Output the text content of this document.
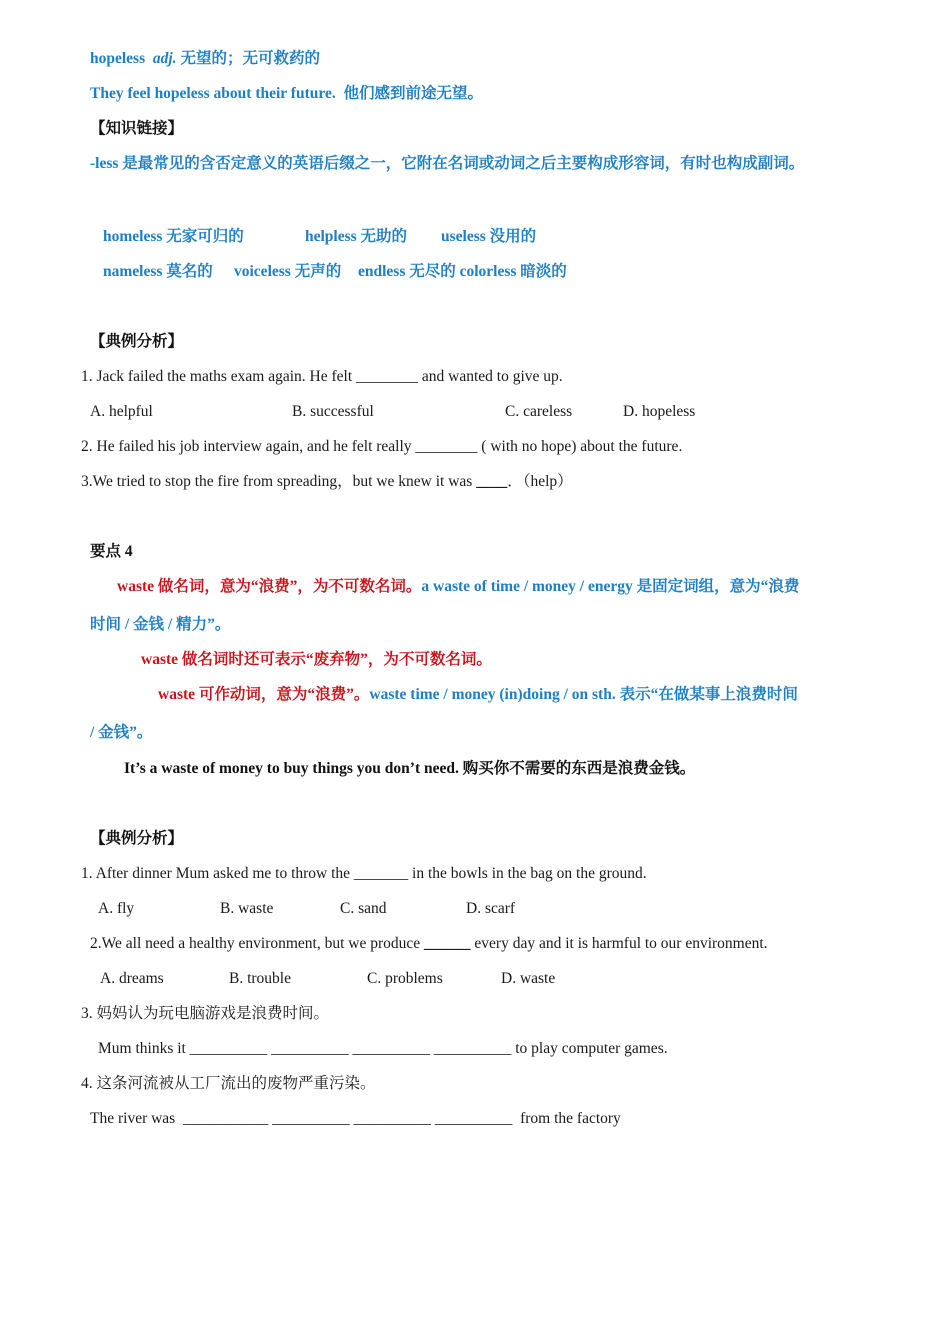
hopeless adj. 无望的；无可救药的
They feel hopeless about their future. 他们感到前途无望。
【知识链接】
-less 是最常见的含否定意义的英语后缀之一，它附在名词或动词之后主要构成形容词，有时也构成副词。
homeless 无家可归的	helpless 无助的 useless 没用的
nameless 莫名的 voiceless 无声的 endless 无尽的 colorless 暗淡的
【典例分析】
1. Jack failed the maths exam again. He felt ________ and wanted to give up.
A. helpful	B. successful	C. careless	D. hopeless
2. He failed his job interview again, and he felt really ________ ( with no hope) about the future.
3.We tried to stop the fire from spreading，but we knew it was ____．（help）
要点 4
waste 做名词，意为“浪费”，为不可数名词。a waste of time / money / energy 是固定词组，意为“浪费
时间 / 金钱 / 精力”。
waste 做名词时还可表示“废弃物”，为不可数名词。
waste 可作动词，意为“浪费”。waste time / money (in)doing / on sth. 表示“在做某事上浪费时间
/ 金钱”。
It’s a waste of money to buy things you don’t need. 购买你不需要的东西是浪费金钱。
【典例分析】
1. After dinner Mum asked me to throw the _______ in the bowls in the bag on the ground.
A. fly	B. waste	C. sand	D. scarf
2.We all need a healthy environment, but we produce ______ every day and it is harmful to our environment.
A. dreams	B. trouble	C. problems	D. waste
3. 妈妈认为玩电脑游戏是浪费时间。
Mum thinks it __________ __________ __________ __________ to play computer games.
4. 这条河流被从工厂流出的废物严重污染。
The river was  ___________ __________ __________ __________  from the factory
